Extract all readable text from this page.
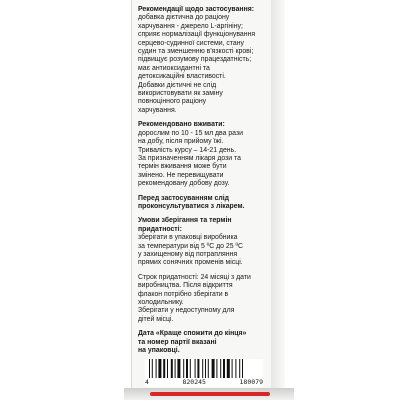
Рекомендації щодо застосування:
добавка дієтична до раціону
харчування - джерело L-аргініну;
сприяє нормалізації функціонування
серцево-судинної системи, стану
судин та зменшенню в'язкості крові;
підвищує розумову працездатність;
має антиоксидантні та
детоксикаційні властивості.
Добавки дієтичні не слід
використовувати як заміну
повноцінного раціону
харчування.
Рекомендовано вживати:
дорослим по 10 - 15 мл два рази
на добу, після прийому їжі.
Тривалість курсу – 14-21 день.
За призначенням лікаря дози та
термін вживання може бути
змінено. Не перевищувати
рекомендовану добову дозу.
Перед застосуванням слід
проконсультуватися з лікарем.
Умови зберігання та термін
придатності:
зберігати в упаковці виробника
за температури від 5 ºС до 25 ºС
у захищеному від потрапляння
прямих сонячних променів місці.
Строк придатності: 24 місяці з дати
виробництва. Після відкриття
флакон потрібно зберігати в
холодильнику.
Зберігати у недоступному для
дітей місці.
Дата «Краще спожити до кінця»
та номер партії вказані
на упаковці.
4	820245	180079
